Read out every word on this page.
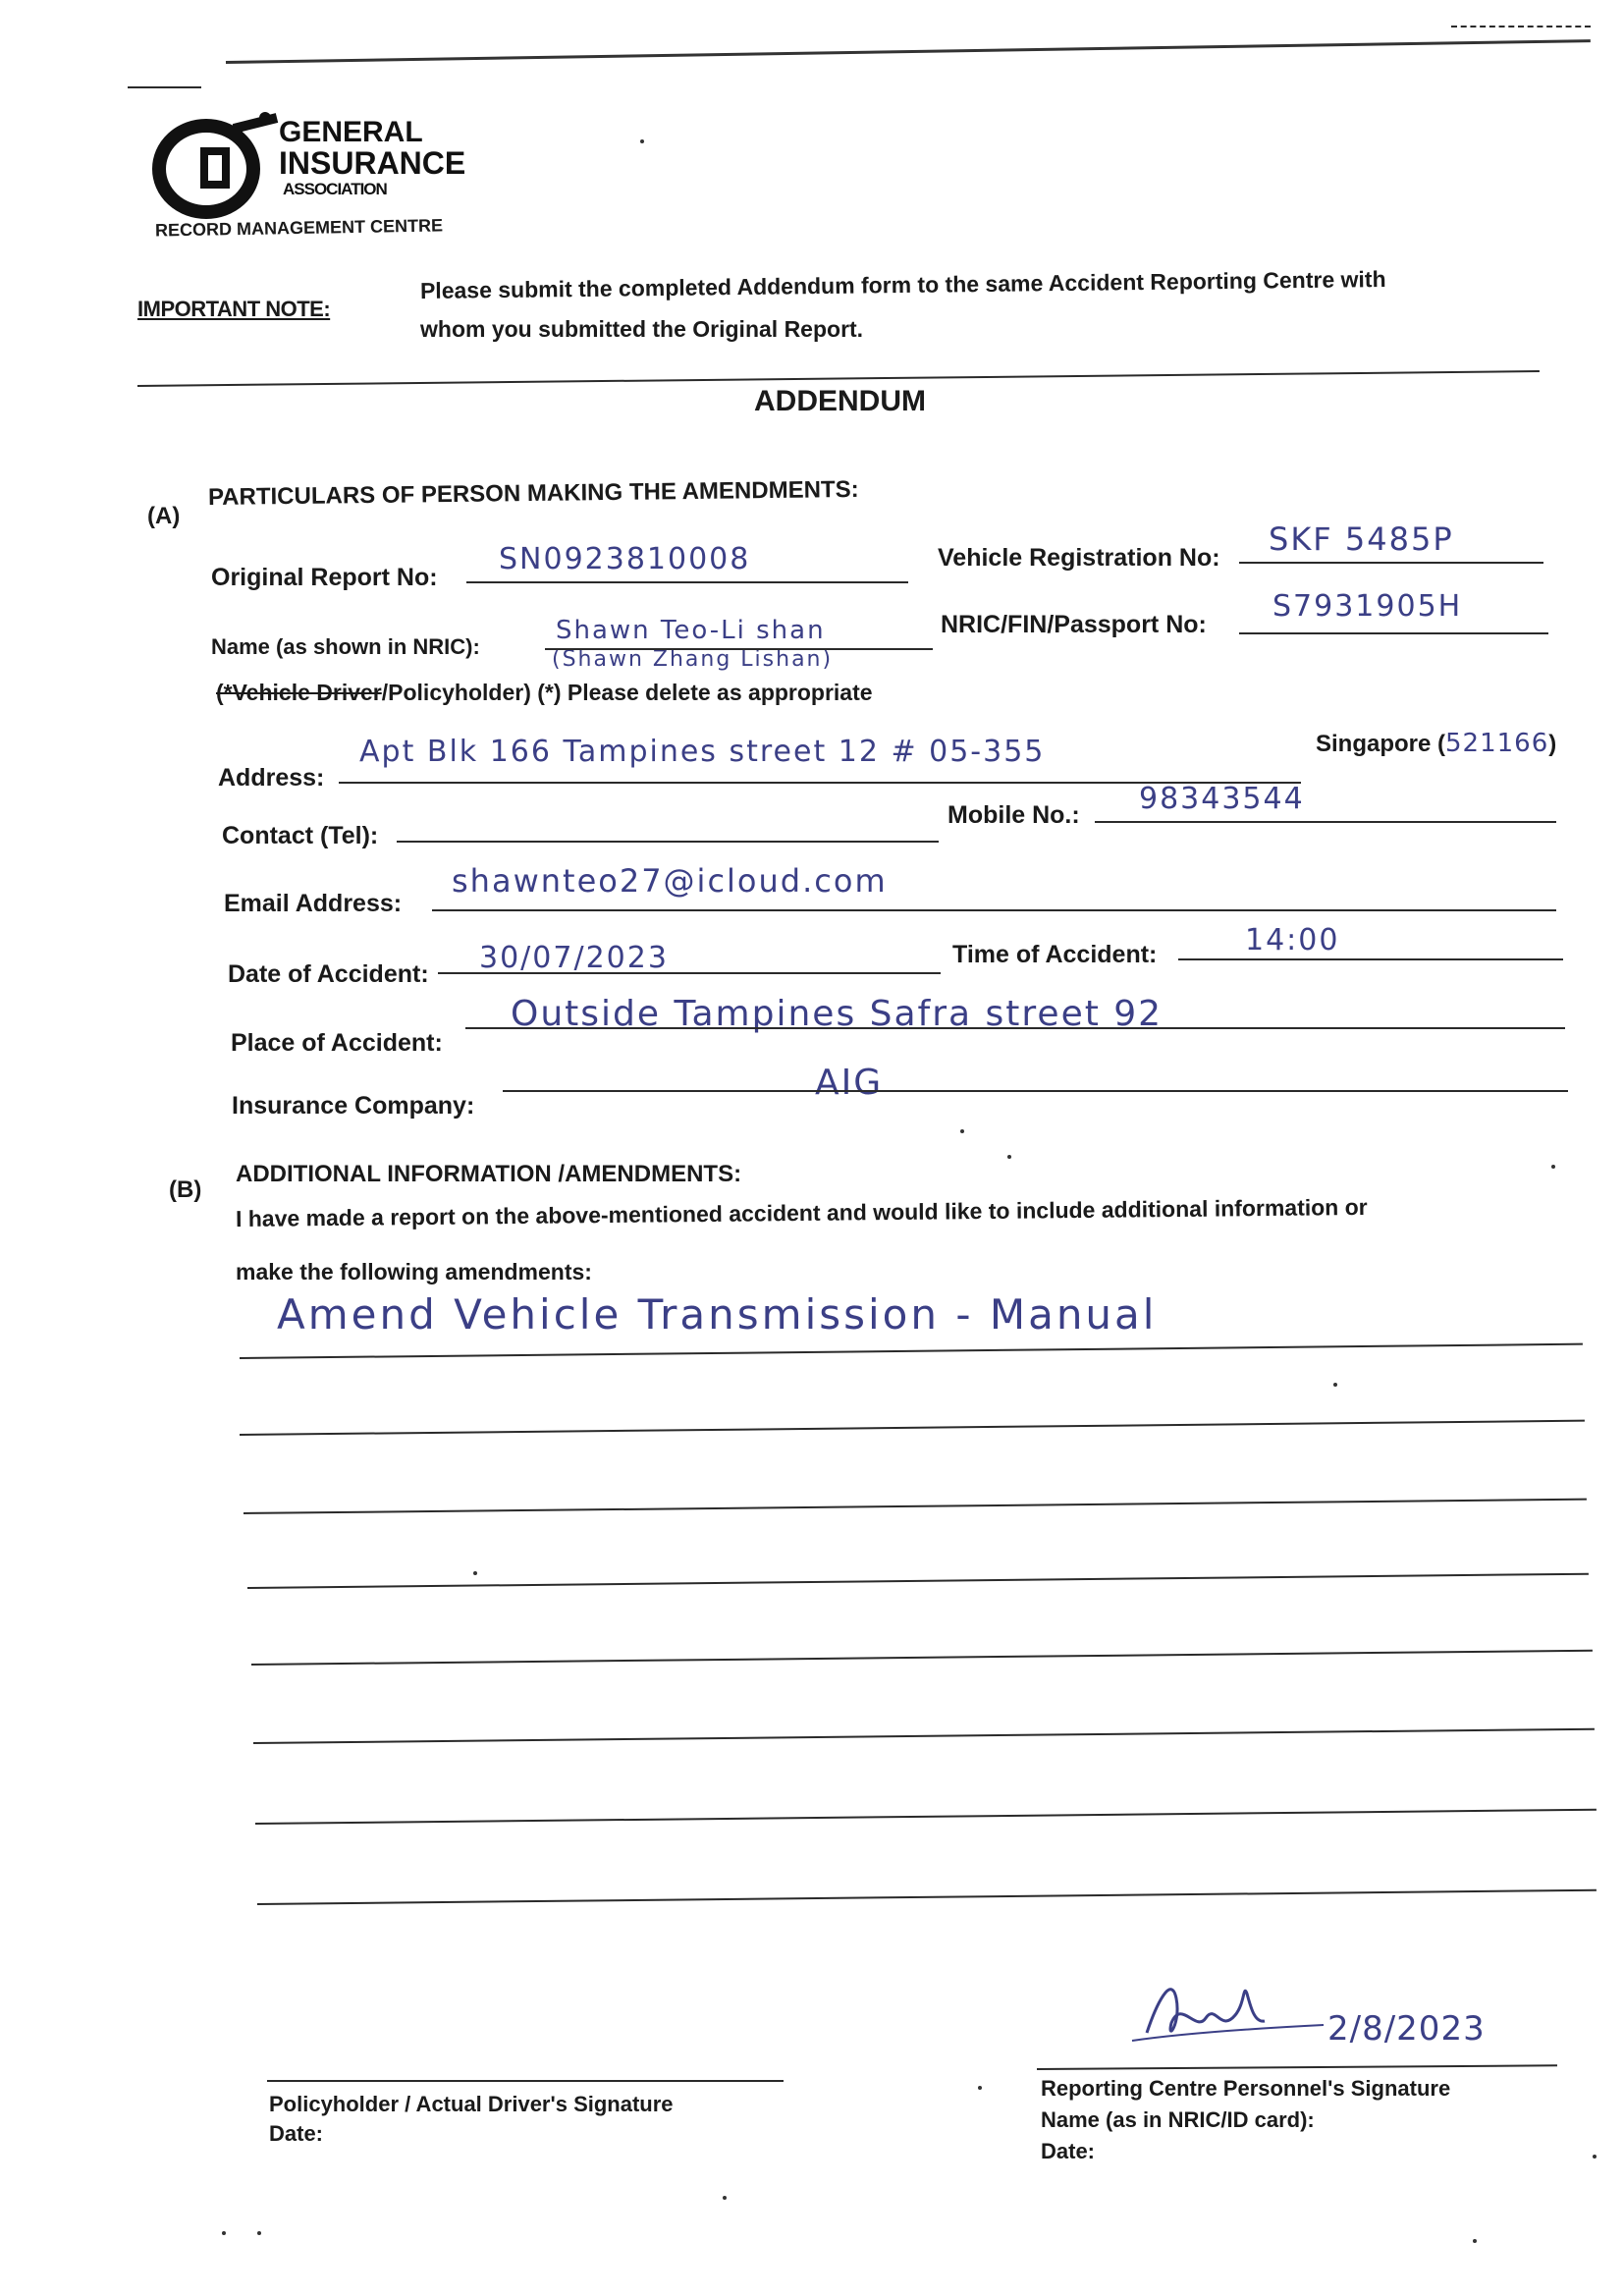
GENERAL
INSURANCE
ASSOCIATION
RECORD MANAGEMENT CENTRE
IMPORTANT NOTE:
Please submit the completed Addendum form to the same Accident Reporting Centre with
whom you submitted the Original Report.
ADDENDUM
(A)
PARTICULARS OF PERSON MAKING THE AMENDMENTS:
Original Report No:
SN0923810008	Vehicle Registration No: SKF 5485P
Name (as shown in NRIC):
Shawn Teo-Li shan
(Shawn Zhang Lishan)
NRIC/FIN/Passport No:
S7931905H
(*Vehicle Driver/Policyholder) (*) Please delete as appropriate
Address:
Apt Blk 166 Tampines street 12 # 05-355	Singapore (521166)
Contact (Tel):
Mobile No.: 98343544
Email Address:
shawnteo27@icloud.com
Date of Accident: 30/07/2023	Time of Accident:	14:00
Place of Accident:
Outside Tampines Safra street 92
Insurance Company:
AIG
(B)
ADDITIONAL INFORMATION /AMENDMENTS:
I have made a report on the above-mentioned accident and would like to include additional information or
make the following amendments:
Amend Vehicle Transmission - Manual
2/8/2023
Policyholder / Actual Driver's Signature
Date:
Reporting Centre Personnel's Signature
Name (as in NRIC/ID card):
Date:
